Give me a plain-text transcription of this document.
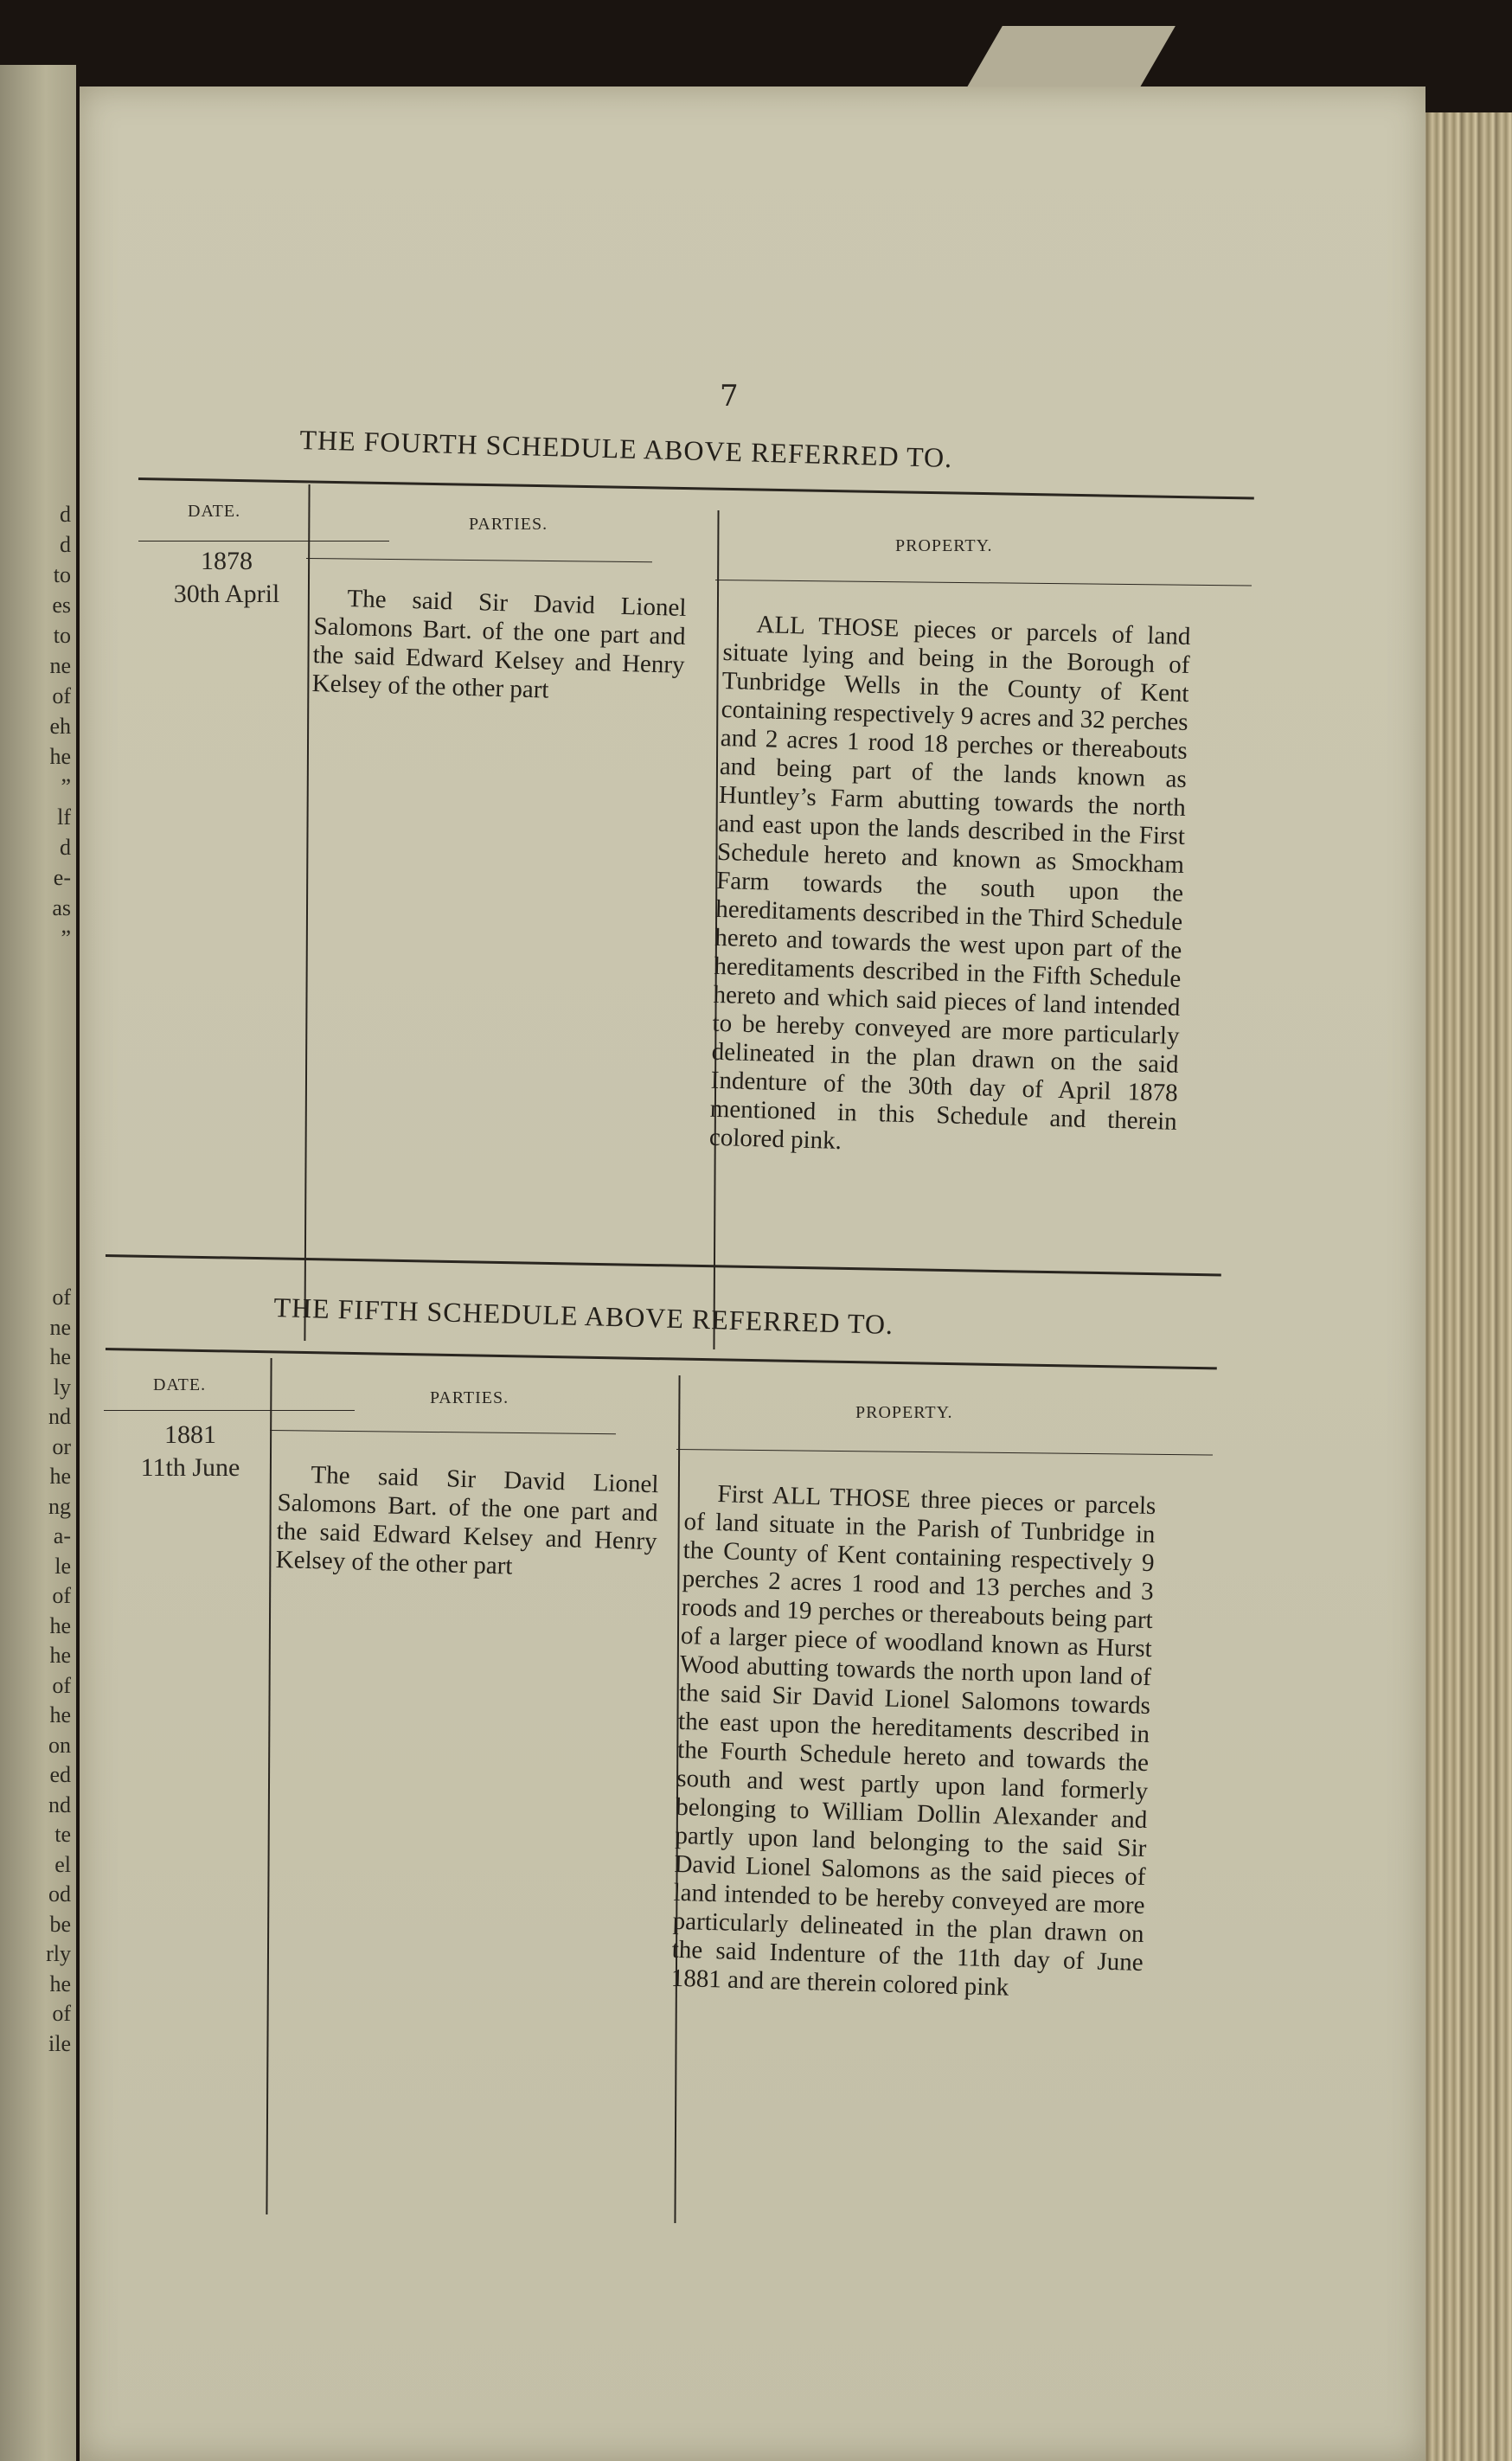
d
d
to
es
to
ne
of
eh
he
”
lf
d
e-
as
”
of
ne
he
ly
nd
or
he
ng
a-
le
of
he
he
of
he
on
ed
nd
te
el
od
be
rly
he
of
ile
7
THE FOURTH SCHEDULE ABOVE REFERRED TO.
DATE.
PARTIES.
PROPERTY.
1878
30th April	The said Sir David Lionel Salomons Bart. of the one part and the said Edward Kelsey and Henry Kelsey of the other part
ALL THOSE pieces or parcels of land situate lying and being in the Borough of Tunbridge Wells in the County of Kent containing respectively 9 acres and 32 perches and 2 acres 1 rood 18 perches or thereabouts and being part of the lands known as Huntley’s Farm abutting towards the north and east upon the lands described in the First Schedule hereto and known as Smockham Farm towards the south upon the hereditaments described in the Third Schedule hereto and towards the west upon part of the hereditaments described in the Fifth Schedule hereto and which said pieces of land intended to be hereby conveyed are more particularly delineated in the plan drawn on the said Indenture of the 30th day of April 1878 mentioned in this Schedule and therein colored pink.
THE FIFTH SCHEDULE ABOVE REFERRED TO.
DATE.
PARTIES.
PROPERTY.
1881
11th June	The said Sir David Lionel Salomons Bart. of the one part and the said Edward Kelsey and Henry Kelsey of the other part
First ALL THOSE three pieces or parcels of land situate in the Parish of Tunbridge in the County of Kent containing respectively 9 perches 2 acres 1 rood and 13 perches and 3 roods and 19 perches or thereabouts being part of a larger piece of woodland known as Hurst Wood abutting towards the north upon land of the said Sir David Lionel Salomons towards the east upon the hereditaments described in the Fourth Schedule hereto and towards the south and west partly upon land formerly belonging to William Dollin Alexander and partly upon land belonging to the said Sir David Lionel Salomons as the said pieces of land intended to be hereby conveyed are more particularly delineated in the plan drawn on the said Indenture of the 11th day of June 1881 and are therein colored pink
